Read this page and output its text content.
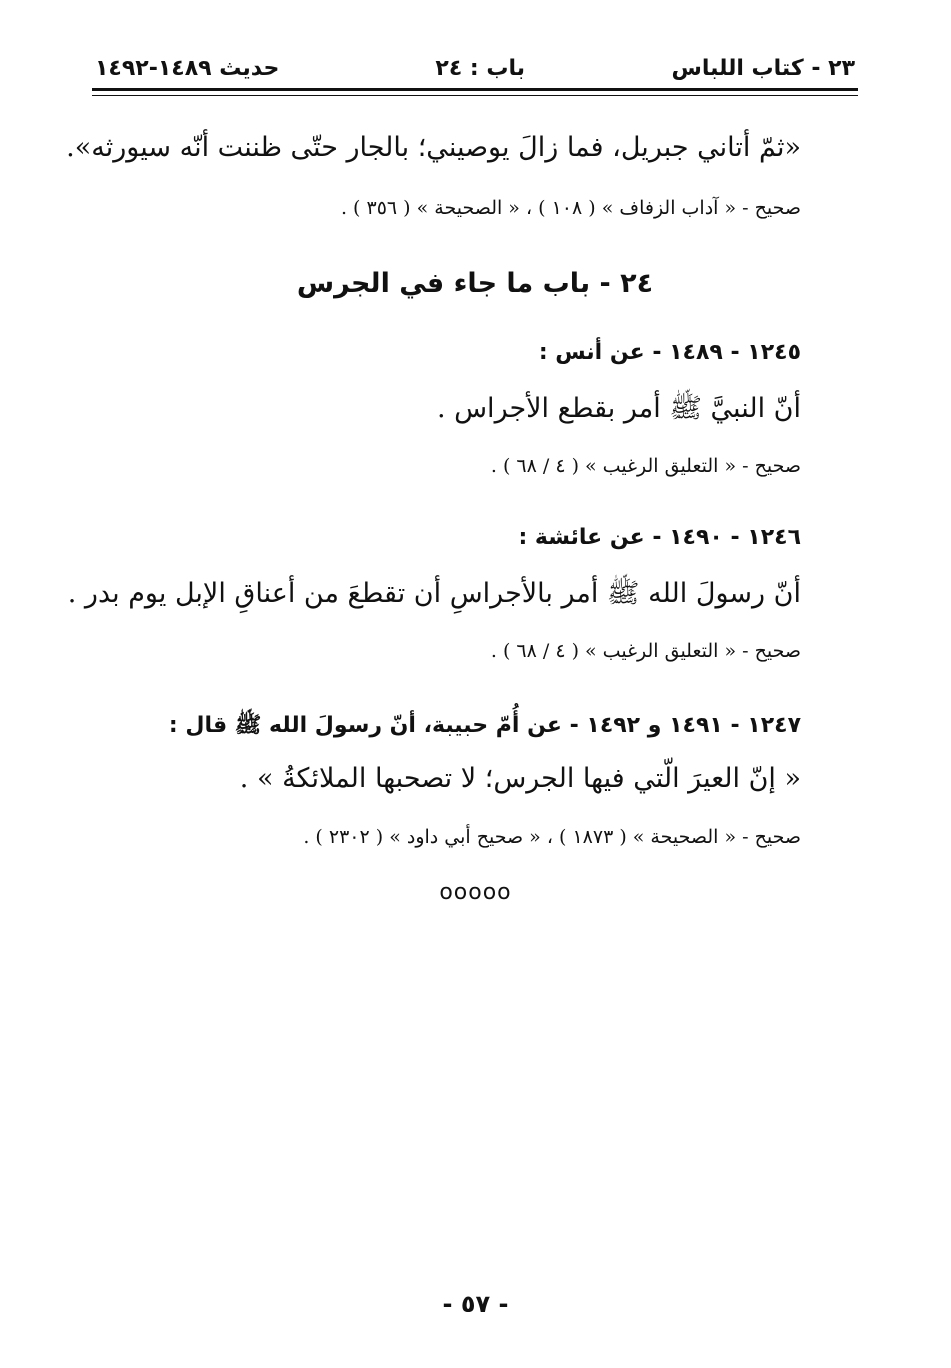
٢٣ - كتاب اللباس
باب : ٢٤
حديث ١٤٨٩-١٤٩٢
«ثمّ أتاني جبريل، فما زالَ يوصيني؛ بالجار حتّى ظننت أنّه سيورثه».
صحيح - « آداب الزفاف » ( ١٠٨ ) ، « الصحيحة » ( ٣٥٦ ) .
٢٤ - باب ما جاء في الجرس
١٢٤٥ - ١٤٨٩ - عن أنس :
أنّ النبيَّ ﷺ أمر بقطع الأجراس .
صحيح - « التعليق الرغيب » ( ٤ / ٦٨ ) .
١٢٤٦ - ١٤٩٠ - عن عائشة :
أنّ رسولَ الله ﷺ أمر بالأجراسِ أن تقطعَ من أعناقِ الإبل يوم بدر .
صحيح - « التعليق الرغيب » ( ٤ / ٦٨ ) .
١٢٤٧ - ١٤٩١ و ١٤٩٢ - عن أُمّ حبيبة، أنّ رسولَ الله ﷺ قال :
« إنّ العيرَ الّتي فيها الجرس؛ لا تصحبها الملائكةُ » .
صحيح - « الصحيحة » ( ١٨٧٣ ) ، « صحيح أبي داود » ( ٢٣٠٢ ) .
ooooo
- ٥٧ -
